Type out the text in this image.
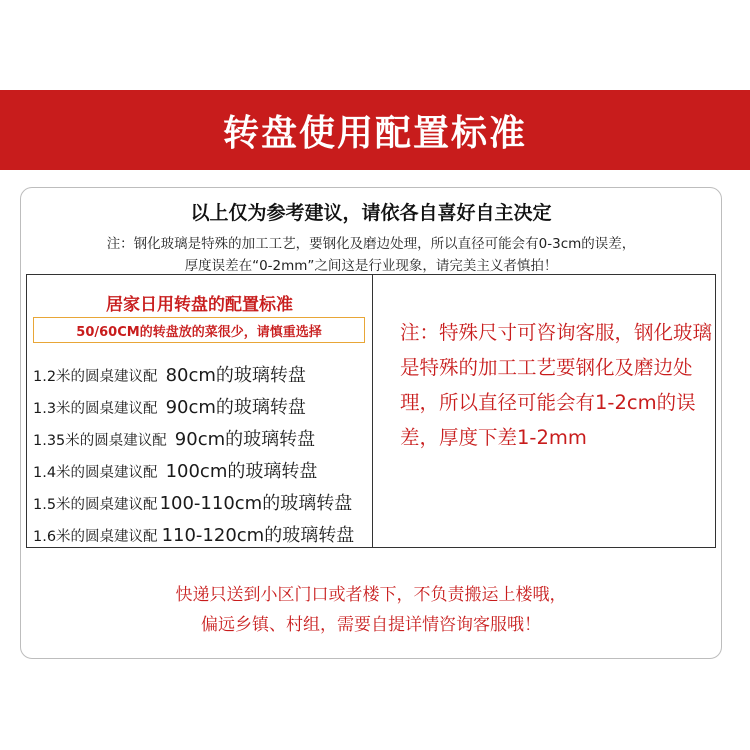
转盘使用配置标准
以上仅为参考建议，请依各自喜好自主决定
注：钢化玻璃是特殊的加工工艺，要钢化及磨边处理，所以直径可能会有0-3cm的误差，
厚度误差在“0-2mm”之间这是行业现象，请完美主义者慎拍！
居家日用转盘的配置标准
50/60CM的转盘放的菜很少，请慎重选择
1.2米的圆桌建议配 80cm的玻璃转盘
1.3米的圆桌建议配 90cm的玻璃转盘
1.35米的圆桌建议配 90cm的玻璃转盘
1.4米的圆桌建议配 100cm的玻璃转盘
1.5米的圆桌建议配 100-110cm的玻璃转盘
1.6米的圆桌建议配 110-120cm的玻璃转盘
注：特殊尺寸可咨询客服，钢化玻璃是特殊的加工工艺要钢化及磨边处理，所以直径可能会有1-2cm的误差，厚度下差1-2mm
快递只送到小区门口或者楼下，不负责搬运上楼哦，
偏远乡镇、村组，需要自提详情咨询客服哦！
